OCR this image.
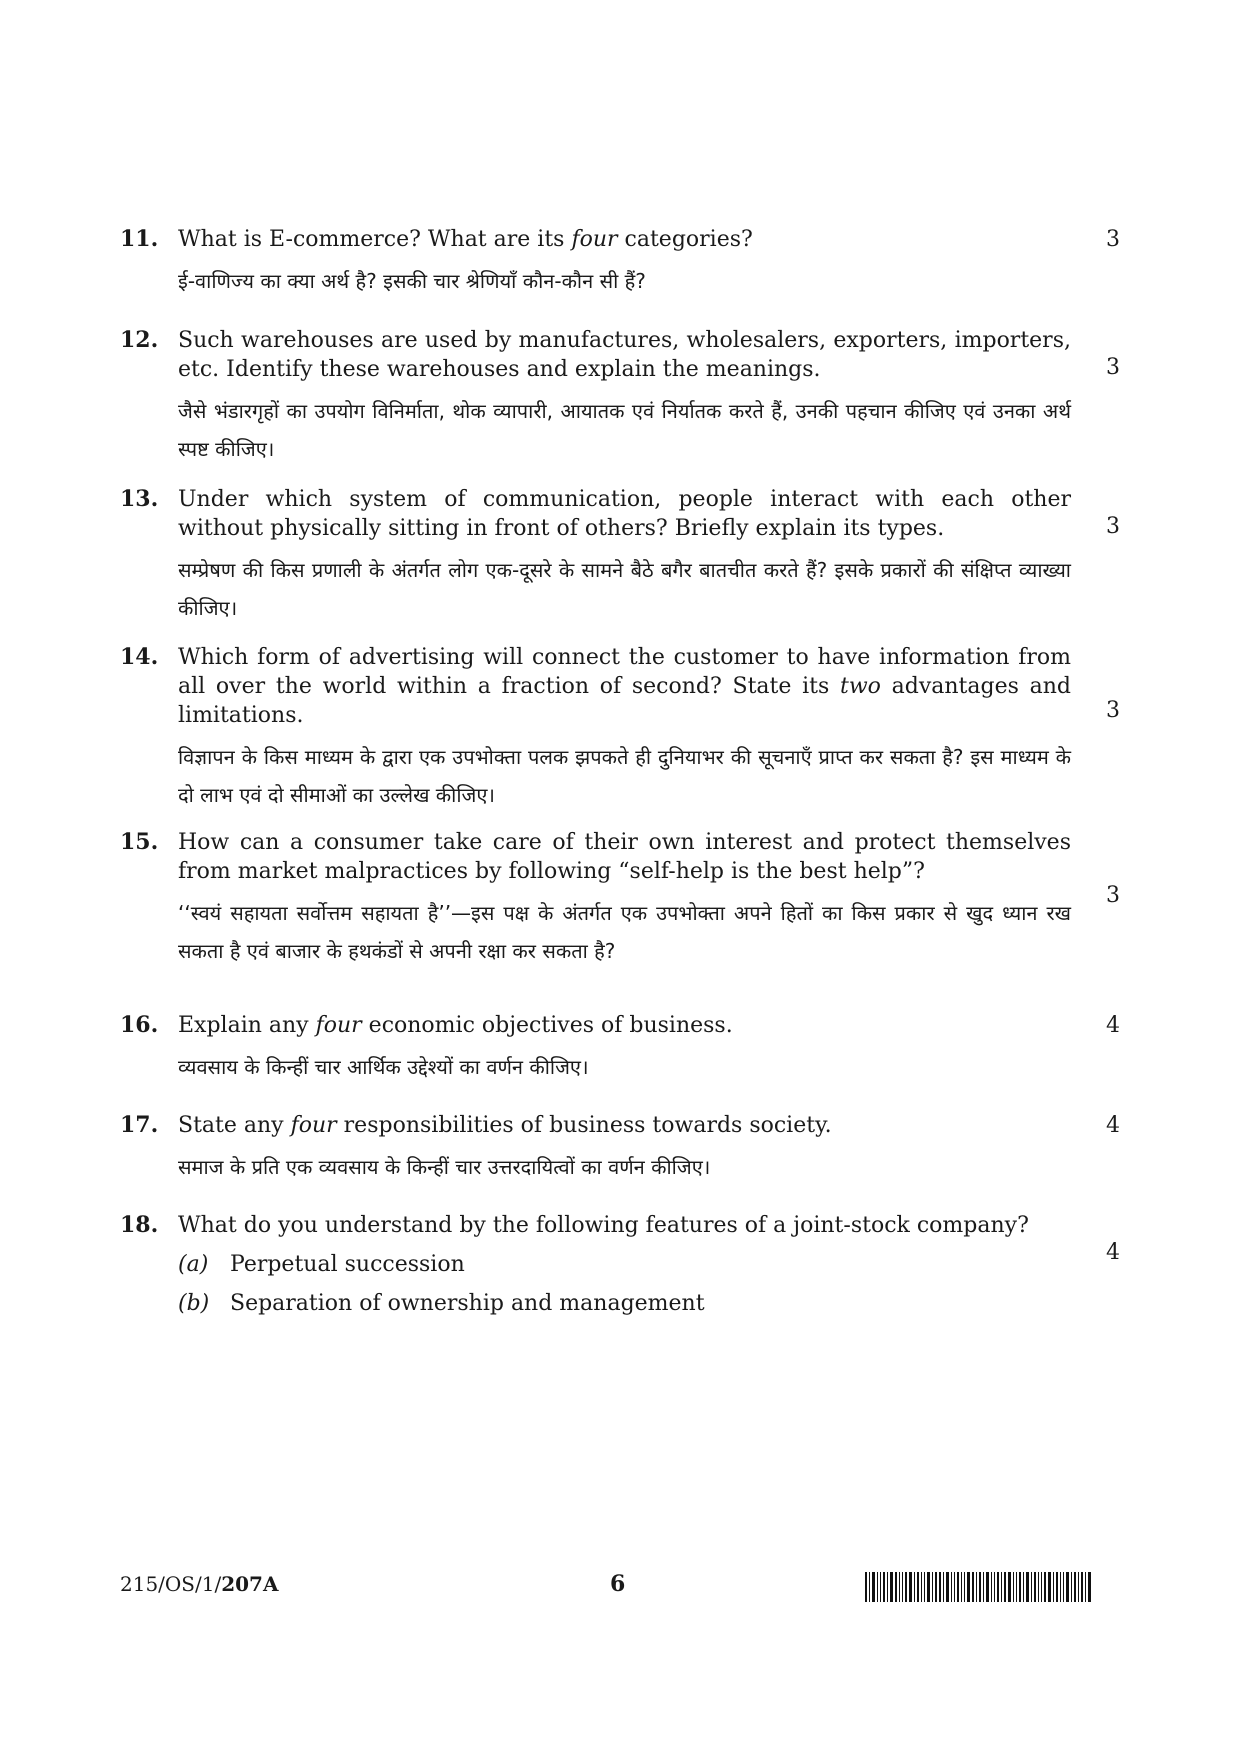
11. What is E-commerce? What are its four categories?

ई-वाणिज्य का क्या अर्थ है? इसकी चार श्रेणियाँ कौन-कौन सी हैं?

3
12. Such warehouses are used by manufactures, wholesalers, exporters, importers, etc. Identify these warehouses and explain the meanings.

जैसे भंडारगृहों का उपयोग विनिर्माता, थोक व्यापारी, आयातक एवं निर्यातक करते हैं, उनकी पहचान कीजिए एवं उनका अर्थ स्पष्ट कीजिए।

3
13. Under which system of communication, people interact with each other without physically sitting in front of others? Briefly explain its types.

सम्प्रेषण की किस प्रणाली के अंतर्गत लोग एक-दूसरे के सामने बैठे बगैर बातचीत करते हैं? इसके प्रकारों की संक्षिप्त व्याख्या कीजिए।

3
14. Which form of advertising will connect the customer to have information from all over the world within a fraction of second? State its two advantages and limitations.

विज्ञापन के किस माध्यम के द्वारा एक उपभोक्ता पलक झपकते ही दुनियाभर की सूचनाएँ प्राप्त कर सकता है? इस माध्यम के दो लाभ एवं दो सीमाओं का उल्लेख कीजिए।

3
15. How can a consumer take care of their own interest and protect themselves from market malpractices by following “self-help is the best help”?

‘‘स्वयं सहायता सर्वोत्तम सहायता है’’—इस पक्ष के अंतर्गत एक उपभोक्ता अपने हितों का किस प्रकार से खुद ध्यान रख सकता है एवं बाजार के हथकंडों से अपनी रक्षा कर सकता है?

3
16. Explain any four economic objectives of business.

व्यवसाय के किन्हीं चार आर्थिक उद्देश्यों का वर्णन कीजिए।

4
17. State any four responsibilities of business towards society.

समाज के प्रति एक व्यवसाय के किन्हीं चार उत्तरदायित्वों का वर्णन कीजिए।

4
18. What do you understand by the following features of a joint-stock company?

(a) Perpetual succession
(b) Separation of ownership and management
4
215/OS/1/207A	6
